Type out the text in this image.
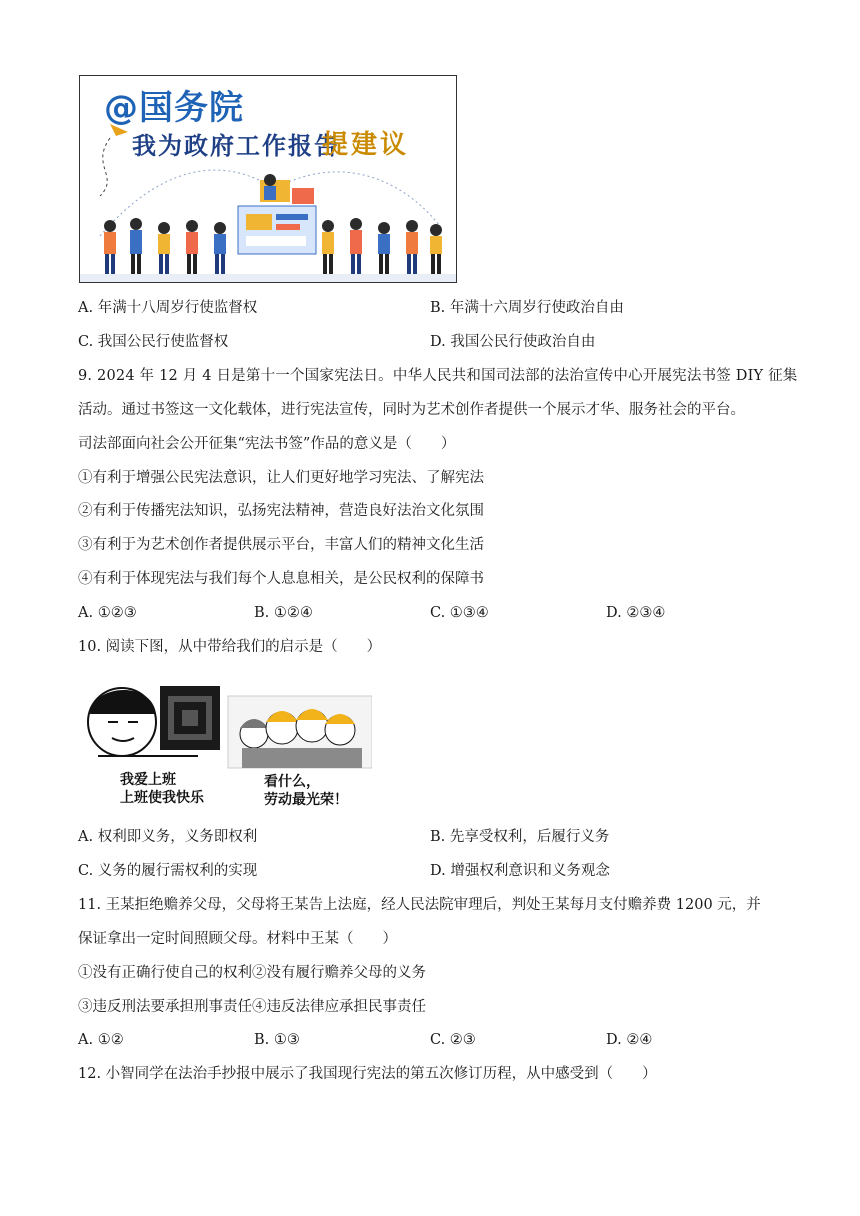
@国务院
我为政府工作报告
提建议
A. 年满十八周岁行使监督权	B. 年满十六周岁行使政治自由
C. 我国公民行使监督权	D. 我国公民行使政治自由
9. 2024 年 12 月 4 日是第十一个国家宪法日。中华人民共和国司法部的法治宣传中心开展宪法书签 DIY 征集
活动。通过书签这一文化载体，进行宪法宣传，同时为艺术创作者提供一个展示才华、服务社会的平台。
司法部面向社会公开征集“宪法书签”作品的意义是（　　）
①有利于增强公民宪法意识，让人们更好地学习宪法、了解宪法
②有利于传播宪法知识，弘扬宪法精神，营造良好法治文化氛围
③有利于为艺术创作者提供展示平台，丰富人们的精神文化生活
④有利于体现宪法与我们每个人息息相关，是公民权利的保障书
A. ①②③	B. ①②④	C. ①③④	D. ②③④
10. 阅读下图，从中带给我们的启示是（　　）
我爱上班
上班使我快乐
看什么，
劳动最光荣！
A. 权利即义务，义务即权利	B. 先享受权利，后履行义务
C. 义务的履行需权利的实现	D. 增强权利意识和义务观念
11. 王某拒绝赡养父母，父母将王某告上法庭，经人民法院审理后，判处王某每月支付赡养费 1200 元，并
保证拿出一定时间照顾父母。材料中王某（　　）
①没有正确行使自己的权利②没有履行赡养父母的义务
③违反刑法要承担刑事责任④违反法律应承担民事责任
A. ①②	B. ①③	C. ②③	D. ②④
12. 小智同学在法治手抄报中展示了我国现行宪法的第五次修订历程，从中感受到（　　）
